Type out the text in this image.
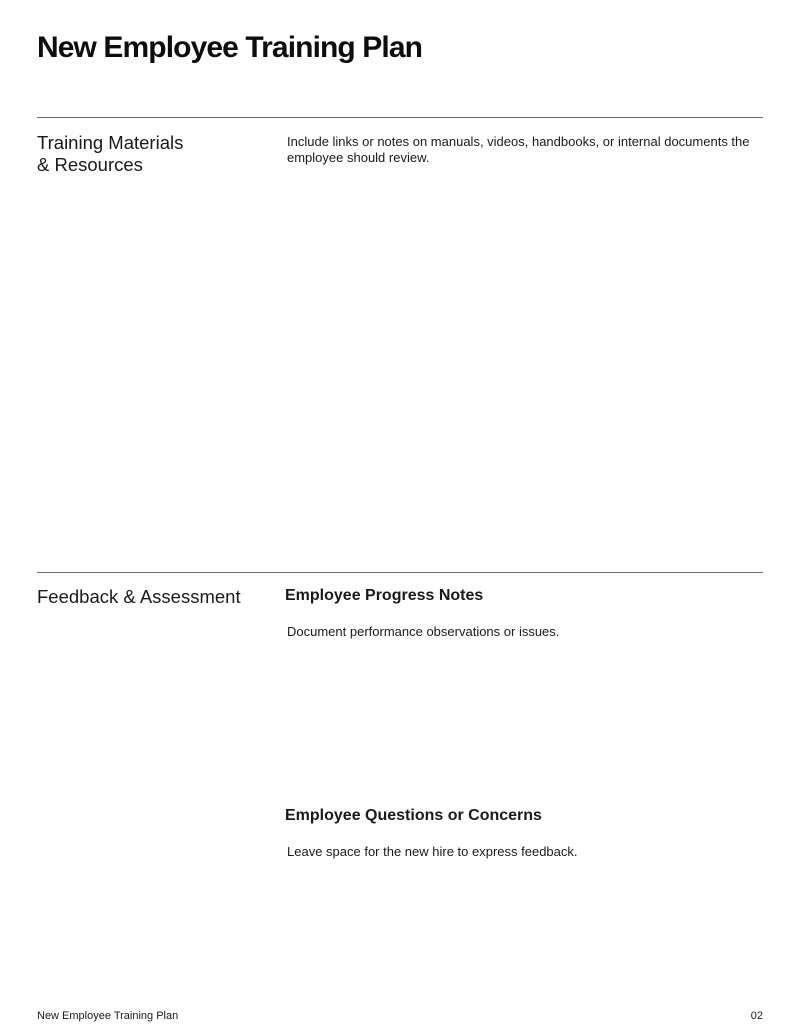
New Employee Training Plan
Training Materials
& Resources

Include links or notes on manuals, videos, handbooks, or internal documents the employee should review.

Feedback & Assessment	Employee Progress Notes

Document performance observations or issues.

Employee Questions or Concerns

Leave space for the new hire to express feedback.

New Employee Training Plan	02
